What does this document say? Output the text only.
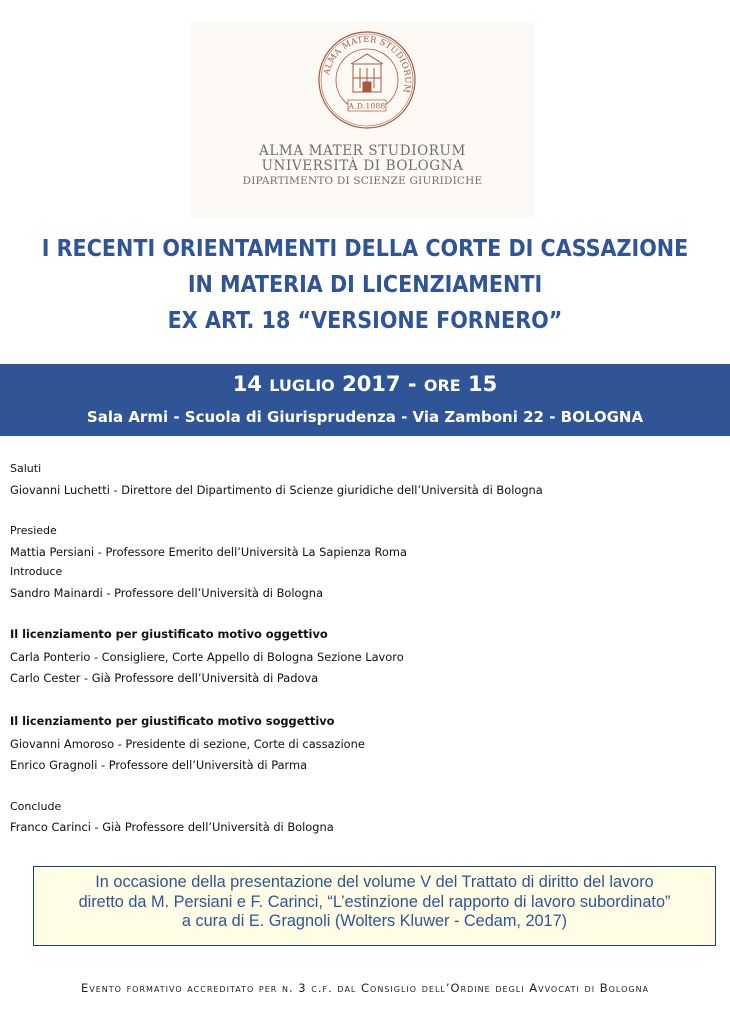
ALMA MATER STUDIORUM
A.D.1088
ALMA MATER STUDIORUM
UNIVERSITÀ DI BOLOGNA
DIPARTIMENTO DI SCIENZE GIURIDICHE
I RECENTI ORIENTAMENTI DELLA CORTE DI CASSAZIONE
IN MATERIA DI LICENZIAMENTI
EX ART. 18 “VERSIONE FORNERO”
14 LUGLIO 2017 - ORE 15
Sala Armi - Scuola di Giurisprudenza - Via Zamboni 22 - BOLOGNA
Saluti
Giovanni Luchetti - Direttore del Dipartimento di Scienze giuridiche dell’Università di Bologna
Presiede
Mattia Persiani - Professore Emerito dell’Università La Sapienza Roma
Introduce
Sandro Mainardi - Professore dell’Università di Bologna
Il licenziamento per giustificato motivo oggettivo
Carla Ponterio - Consigliere, Corte Appello di Bologna Sezione Lavoro
Carlo Cester - Già Professore dell’Università di Padova
Il licenziamento per giustificato motivo soggettivo
Giovanni Amoroso - Presidente di sezione, Corte di cassazione
Enrico Gragnoli - Professore dell’Università di Parma
Conclude
Franco Carinci - Già Professore dell’Università di Bologna
In occasione della presentazione del volume V del Trattato di diritto del lavoro
diretto da M. Persiani e F. Carinci, “L’estinzione del rapporto di lavoro subordinato”
a cura di E. Gragnoli (Wolters Kluwer - Cedam, 2017)
Evento formativo accreditato per n. 3 c.f. dal Consiglio dell’Ordine degli Avvocati di Bologna
